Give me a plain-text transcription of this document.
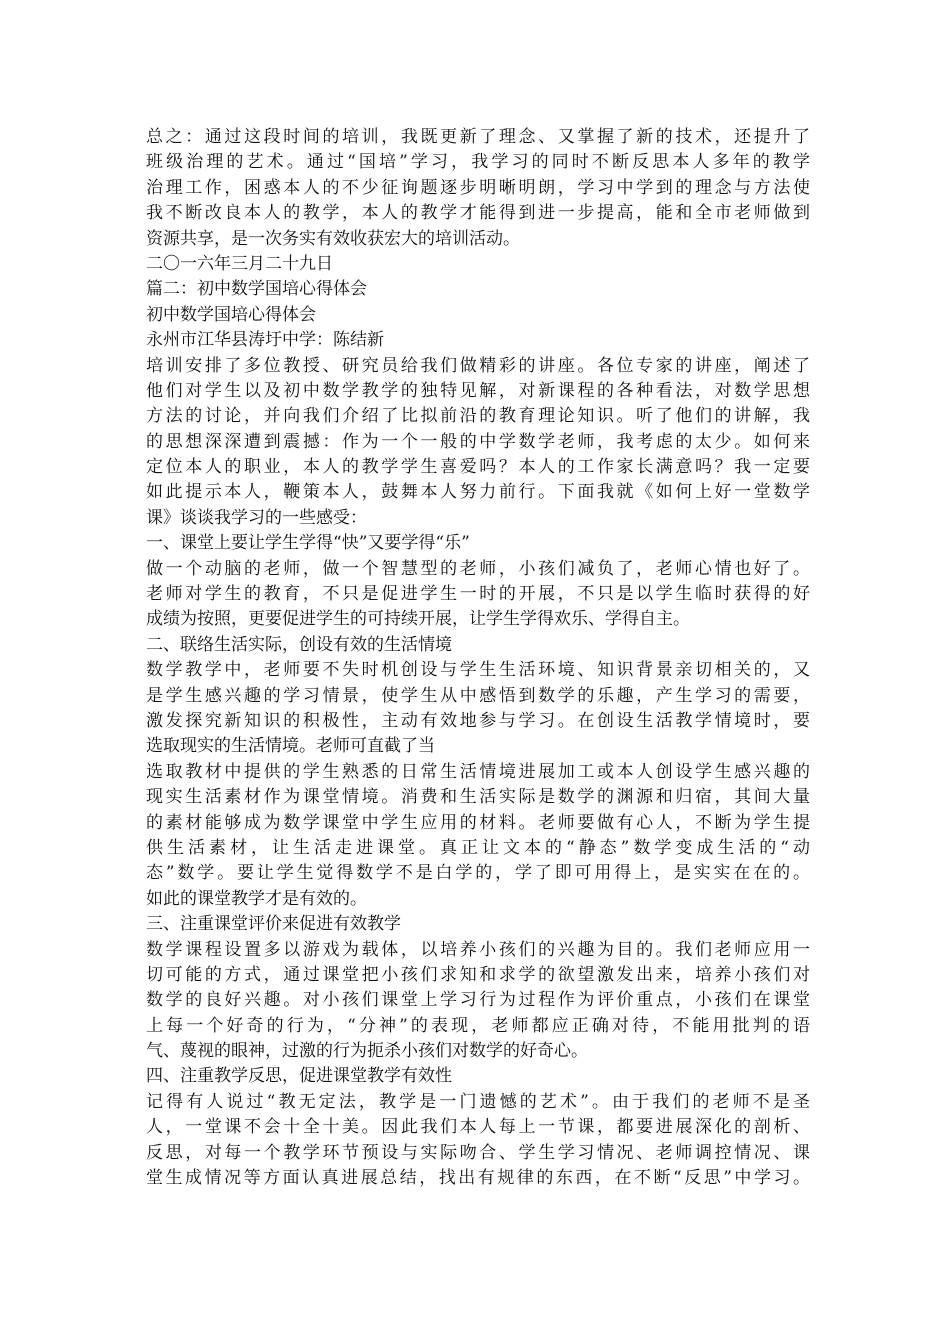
总之：通过这段时间的培训，我既更新了理念、又掌握了新的技术，还提升了
班级治理的艺术。通过“国培”学习，我学习的同时不断反思本人多年的教学
治理工作，困惑本人的不少征询题逐步明晰明朗，学习中学到的理念与方法使
我不断改良本人的教学，本人的教学才能得到进一步提高，能和全市老师做到
资源共享，是一次务实有效收获宏大的培训活动。
二〇一六年三月二十九日
篇二：初中数学国培心得体会
初中数学国培心得体会
永州市江华县涛圩中学：陈结新
培训安排了多位教授、研究员给我们做精彩的讲座。各位专家的讲座，阐述了
他们对学生以及初中数学教学的独特见解，对新课程的各种看法，对数学思想
方法的讨论，并向我们介绍了比拟前沿的教育理论知识。听了他们的讲解，我
的思想深深遭到震撼：作为一个一般的中学数学老师，我考虑的太少。如何来
定位本人的职业，本人的教学学生喜爱吗？本人的工作家长满意吗？我一定要
如此提示本人，鞭策本人，鼓舞本人努力前行。下面我就《如何上好一堂数学
课》谈谈我学习的一些感受：
一、课堂上要让学生学得“快”又要学得“乐”
做一个动脑的老师，做一个智慧型的老师，小孩们减负了，老师心情也好了。
老师对学生的教育，不只是促进学生一时的开展，不只是以学生临时获得的好
成绩为按照，更要促进学生的可持续开展，让学生学得欢乐、学得自主。
二、联络生活实际，创设有效的生活情境
数学教学中，老师要不失时机创设与学生生活环境、知识背景亲切相关的，又
是学生感兴趣的学习情景，使学生从中感悟到数学的乐趣，产生学习的需要，
激发探究新知识的积极性，主动有效地参与学习。在创设生活教学情境时，要
选取现实的生活情境。老师可直截了当
选取教材中提供的学生熟悉的日常生活情境进展加工或本人创设学生感兴趣的
现实生活素材作为课堂情境。消费和生活实际是数学的渊源和归宿，其间大量
的素材能够成为数学课堂中学生应用的材料。老师要做有心人，不断为学生提
供生活素材，让生活走进课堂。真正让文本的“静态”数学变成生活的“动
态”数学。要让学生觉得数学不是白学的，学了即可用得上，是实实在在的。
如此的课堂教学才是有效的。
三、注重课堂评价来促进有效教学
数学课程设置多以游戏为载体，以培养小孩们的兴趣为目的。我们老师应用一
切可能的方式，通过课堂把小孩们求知和求学的欲望激发出来，培养小孩们对
数学的良好兴趣。对小孩们课堂上学习行为过程作为评价重点，小孩们在课堂
上每一个好奇的行为，“分神”的表现，老师都应正确对待，不能用批判的语
气、蔑视的眼神，过激的行为扼杀小孩们对数学的好奇心。
四、注重教学反思，促进课堂教学有效性
记得有人说过“教无定法，教学是一门遗憾的艺术”。由于我们的老师不是圣
人，一堂课不会十全十美。因此我们本人每上一节课，都要进展深化的剖析、
反思，对每一个教学环节预设与实际吻合、学生学习情况、老师调控情况、课
堂生成情况等方面认真进展总结，找出有规律的东西，在不断“反思”中学习。
